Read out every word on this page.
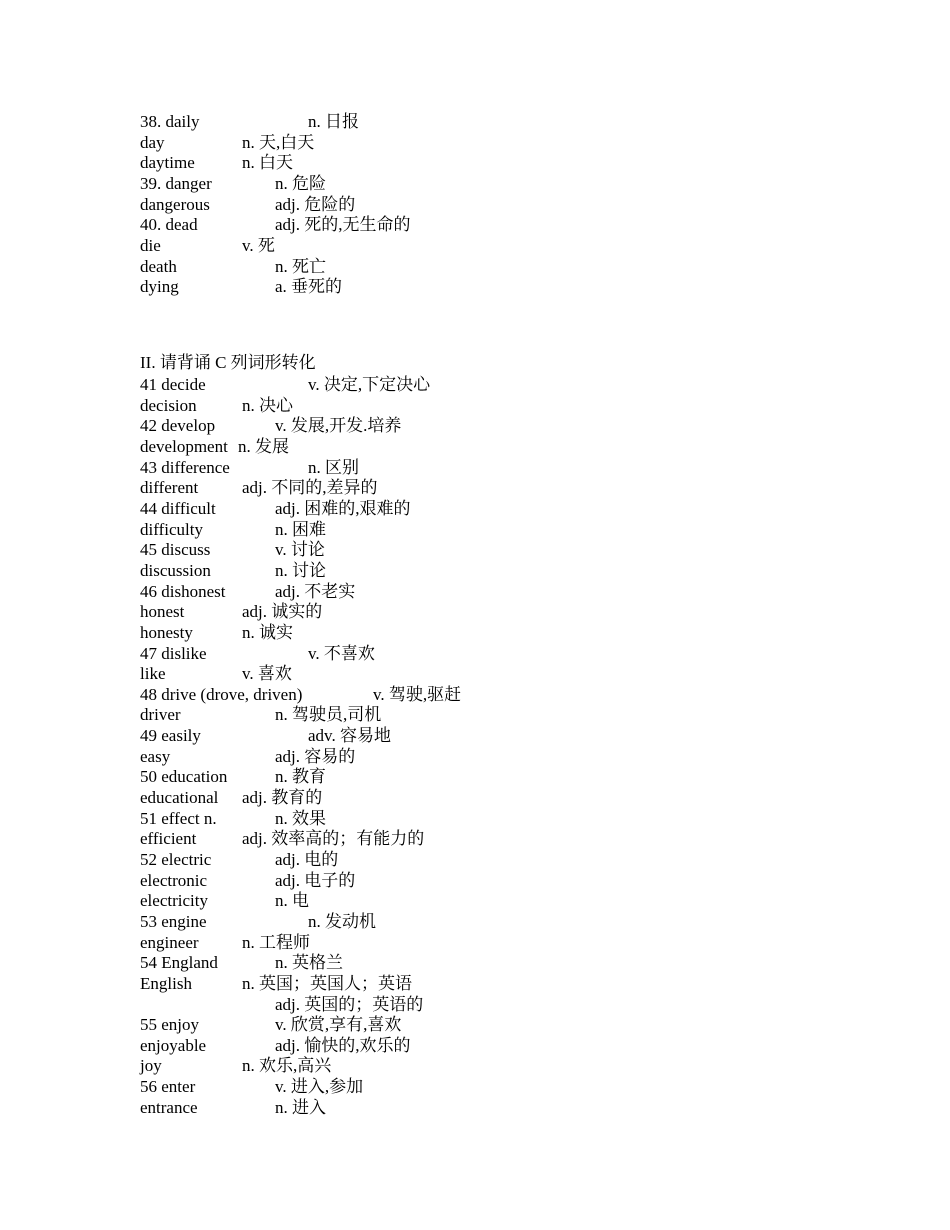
38. daily	n. 日报
day	n. 天,白天
daytime	n. 白天
39. danger	n. 危险
dangerous	adj. 危险的
40. dead	adj. 死的,无生命的
die	v. 死
death	n. 死亡
dying	a. 垂死的
II. 请背诵 C 列词形转化
41 decide	v. 决定,下定决心
decision	n. 决心
42 develop	v. 发展,开发.培养
development n. 发展
43 difference	n. 区别
different	adj. 不同的,差异的
44 difficult	adj. 困难的,艰难的
difficulty	n. 困难
45 discuss	v. 讨论
discussion	n. 讨论
46 dishonest	adj. 不老实
honest	adj. 诚实的
honesty	n. 诚实
47 dislike	v. 不喜欢
like	v. 喜欢
48 drive (drove, driven)	v. 驾驶,驱赶
driver	n. 驾驶员,司机
49 easily	adv. 容易地
easy	adj. 容易的
50 education	n. 教育
educational adj. 教育的
51 effect n.	n. 效果
efficient	adj. 效率高的；有能力的
52 electric	adj. 电的
electronic	adj. 电子的
electricity	n. 电
53 engine	n. 发动机
engineer	n. 工程师
54 England	n. 英格兰
English	n. 英国；英国人；英语
adj. 英国的；英语的
55 enjoy	v. 欣赏,享有,喜欢
enjoyable	adj. 愉快的,欢乐的
joy	n. 欢乐,高兴
56 enter	v. 进入,参加
entrance	n. 进入
